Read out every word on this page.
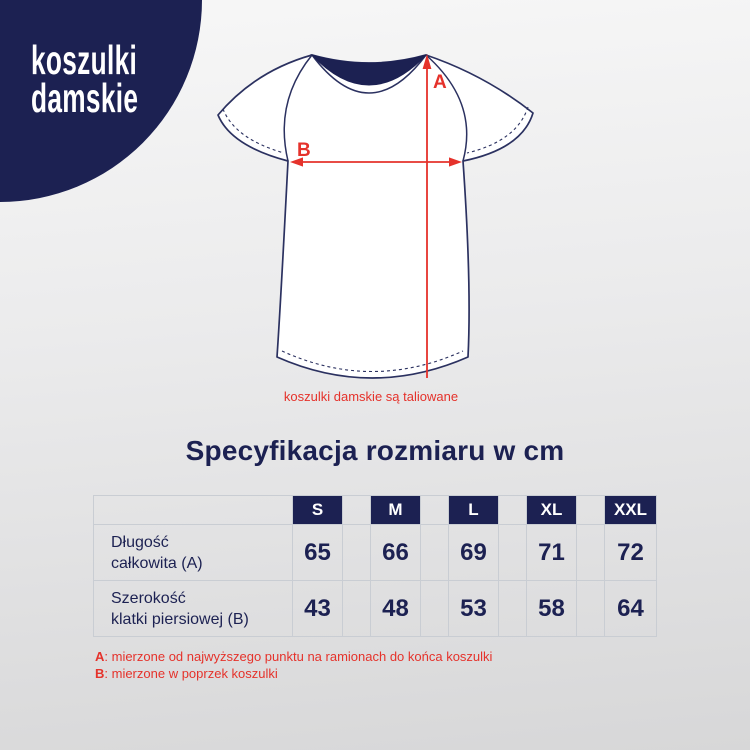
koszulki
damskie	A
B
koszulki damskie są taliowane
Specyfikacja rozmiaru w cm
	S		M		L		XL		XXL

Długość
całkowita (A)	65		66		69		71		72

Szerokość
klatki piersiowej (B)	43		48		53		58		64
A: mierzone od najwyższego punktu na ramionach do końca koszulki
B: mierzone w poprzek koszulki
